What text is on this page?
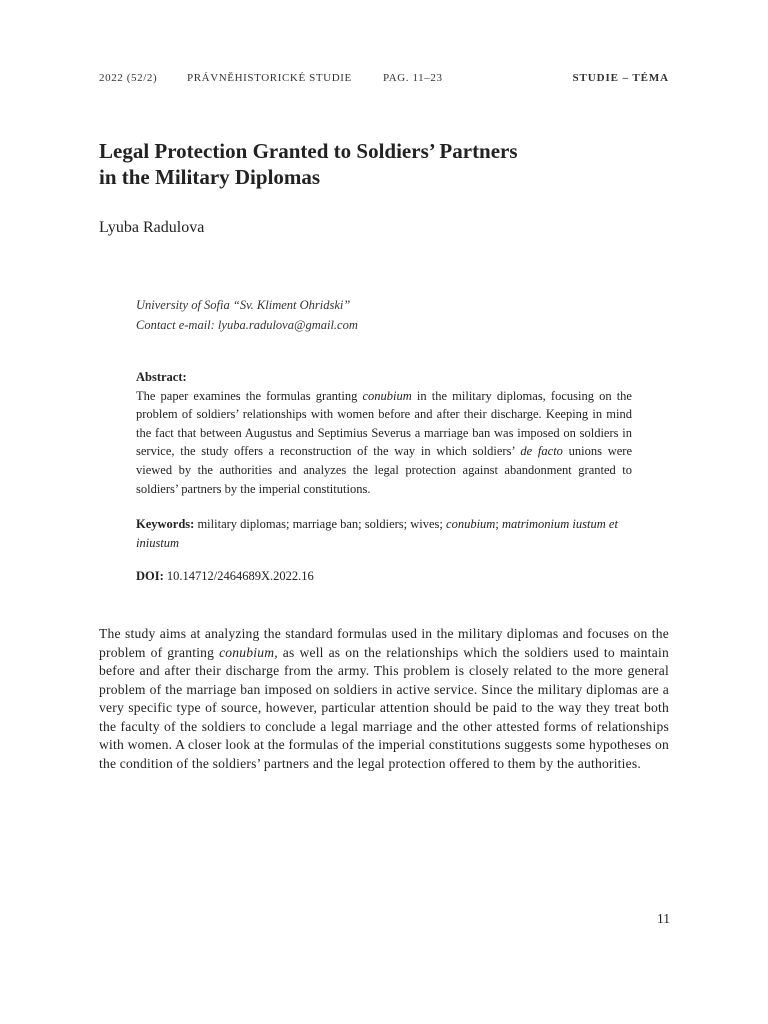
2022 (52/2)	PRÁVNĚHISTORICKÉ STUDIE	PAG. 11–23	STUDIE – TÉMA
Legal Protection Granted to Soldiers’ Partners
in the Military Diplomas
Lyuba Radulova
University of Sofia “Sv. Kliment Ohridski”
Contact e-mail: lyuba.radulova@gmail.com
Abstract:
The paper examines the formulas granting conubium in the military diplomas, focusing on the problem of soldiers’ relationships with women before and after their discharge. Keeping in mind the fact that between Augustus and Septimius Severus a marriage ban was imposed on soldiers in service, the study offers a reconstruction of the way in which soldiers’ de facto unions were viewed by the authorities and analyzes the legal protection against abandonment granted to soldiers’ partners by the imperial constitutions.
Keywords: military diplomas; marriage ban; soldiers; wives; conubium; matrimonium iustum et iniustum
DOI: 10.14712/2464689X.2022.16
The study aims at analyzing the standard formulas used in the military diplomas and focuses on the problem of granting conubium, as well as on the relationships which the soldiers used to maintain before and after their discharge from the army. This problem is closely related to the more general problem of the marriage ban imposed on soldiers in active service. Since the military diplomas are a very specific type of source, however, particular attention should be paid to the way they treat both the faculty of the soldiers to conclude a legal marriage and the other attested forms of relationships with women. A closer look at the formulas of the imperial constitutions suggests some hypotheses on the condition of the soldiers’ partners and the legal protection offered to them by the authorities.
11
